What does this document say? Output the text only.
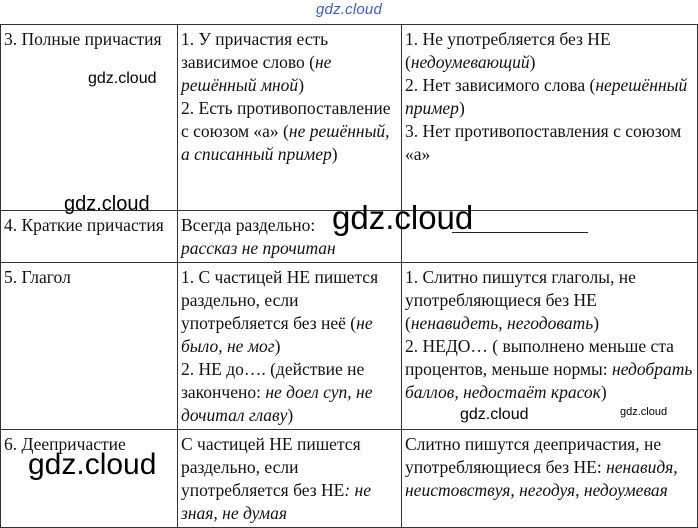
gdz.cloud
3. Полные причастия	1. У причастия есть зависимое слово (не решённый мной)
2. Есть противопоставление с союзом «а» (не решённый, а списанный пример)	1. Не употребляется без НЕ (недоумевающий)
2. Нет зависимого слова (нерешённый пример)
3. Нет противопоставления с союзом «а»
4. Краткие причастия	Всегда раздельно:
рассказ не прочитан	
5. Глагол	1. С частицей НЕ пишется раздельно, если употребляется без неё (не было, не мог)
2. НЕ до…. (действие не закончено: не доел суп, не дочитал главу)	1. Слитно пишутся глаголы, не употребляющиеся без НЕ (ненавидеть, негодовать)
2. НЕДО… ( выполнено меньше ста процентов, меньше нормы: недобрать баллов, недостаёт красок)
6. Деепричастие	С частицей НЕ пишется раздельно, если употребляется без НЕ: не зная, не думая	Слитно пишутся деепричастия, не употребляющиеся без НЕ: ненавидя, неистовствуя, негодуя, недоумевая
gdz.cloud
gdz.cloud	gdz.cloud
gdz.cloud	gdz.cloud
gdz.cloud
